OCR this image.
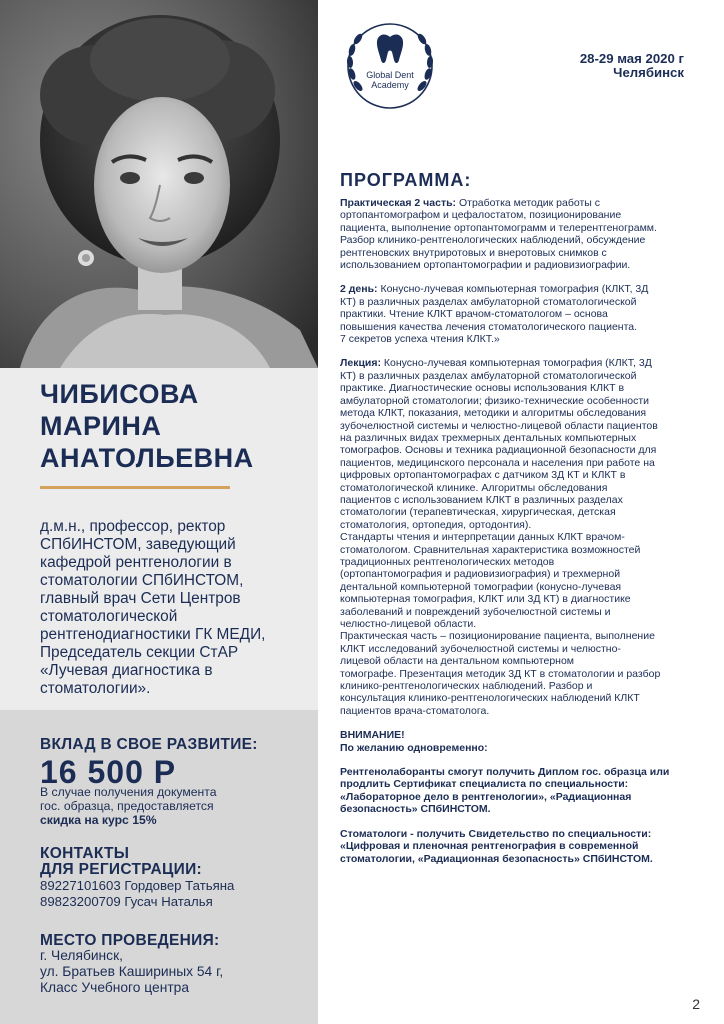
ЧИБИСОВА
МАРИНА
АНАТОЛЬЕВНА

д.м.н., профессор, ректор
СПбИНСТОМ, заведующий
кафедрой рентгенологии в
стоматологии СПбИНСТОМ,
главный врач Сети Центров
стоматологической
рентгенодиагностики ГК МЕДИ,
Председатель секции СтАР
«Лучевая диагностика в
стоматологии».

ВКЛАД В СВОЕ РАЗВИТИЕ:
16 500 Р

В случае получения документа
гос. образца, предоставляется
скидка на курс 15%

КОНТАКТЫ
ДЛЯ РЕГИСТРАЦИИ:

89227101603 Гордовер Татьяна
89823200709 Гусач Наталья

МЕСТО ПРОВЕДЕНИЯ:

г. Челябинск,
ул. Братьев Кашириных 54 г,
Класс Учебного центра

Global Dent
Academy
28-29 мая 2020 г
Челябинск
ПРОГРАММА:

Практическая 2 часть: Отработка методик работы с
ортопантомографом и цефалостатом, позиционирование
пациента, выполнение ортопантомограмм и телерентгенограмм.
Разбор клинико-рентгенологических наблюдений, обсуждение
рентгеновских внутриротовых и внеротовых снимков с
использованием ортопантомографии и радиовизиографии.

2 день: Конусно-лучевая компьютерная томография (КЛКТ, 3Д
КТ) в различных разделах амбулаторной стоматологической
практики. Чтение КЛКТ врачом-стоматологом – основа
повышения качества лечения стоматологического пациента.
7 секретов успеха чтения КЛКТ.»

Лекция: Конусно-лучевая компьютерная томография (КЛКТ, 3Д
КТ) в различных разделах амбулаторной стоматологической
практике. Диагностические основы использования КЛКТ в
амбулаторной стоматологии; физико-технические особенности
метода КЛКТ, показания, методики и алгоритмы обследования
зубочелюстной системы и челюстно-лицевой области пациентов
на различных видах трехмерных дентальных компьютерных
томографов. Основы и техника радиационной безопасности для
пациентов, медицинского персонала и населения при работе на
цифровых ортопантомографах с датчиком 3Д КТ и КЛКТ в
стоматологической клинике. Алгоритмы обследования
пациентов с использованием КЛКТ в различных разделах
стоматологии (терапевтическая, хирургическая, детская
стоматология, ортопедия, ортодонтия).
Стандарты чтения и интерпретации данных КЛКТ врачом-
стоматологом. Сравнительная характеристика возможностей
традиционных рентгенологических методов
(ортопантомография и радиовизиография) и трехмерной
дентальной компьютерной томографии (конусно-лучевая
компьютерная томография, КЛКТ или 3Д КТ) в диагностике
заболеваний и повреждений зубочелюстной системы и
челюстно-лицевой области.
Практическая часть – позиционирование пациента, выполнение
КЛКТ исследований зубочелюстной системы и челюстно-
лицевой области на дентальном компьютерном
томографе. Презентация методик 3Д КТ в стоматологии и разбор
клинико-рентгенологических наблюдений. Разбор и
консультация клинико-рентгенологических наблюдений КЛКТ
пациентов врача-стоматолога.

ВНИМАНИЕ!
По желанию одновременно:

Рентгенолаборанты смогут получить Диплом гос. образца или
продлить Сертификат специалиста по специальности:
«Лабораторное дело в рентгенологии», «Радиационная
безопасность» СПбИНСТОМ.

Стоматологи - получить Свидетельство по специальности:
«Цифровая и пленочная рентгенография в современной
стоматологии, «Радиационная безопасность» СПбИНСТОМ.

2
